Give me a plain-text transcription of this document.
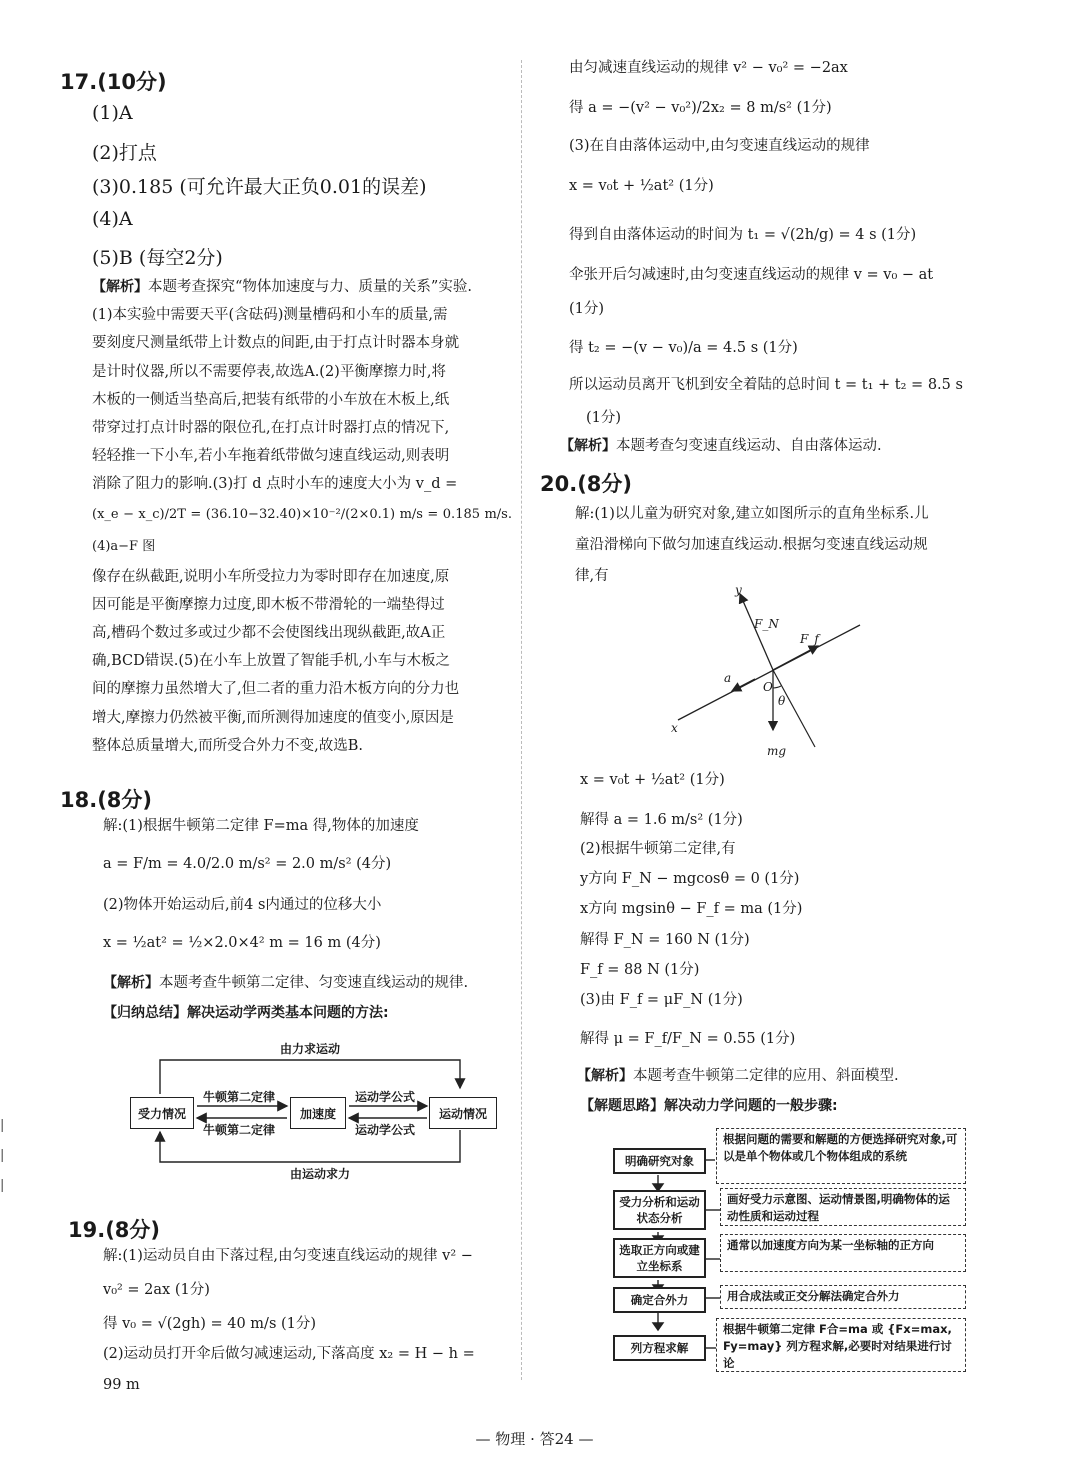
|
|
|
17.(10分)
(1)A
(2)打点
(3)0.185 (可允许最大正负0.01的误差)
(4)A
(5)B (每空2分)
【解析】本题考查探究“物体加速度与力、质量的关系”实验.
(1)本实验中需要天平(含砝码)测量槽码和小车的质量,需
要刻度尺测量纸带上计数点的间距,由于打点计时器本身就
是计时仪器,所以不需要停表,故选A.(2)平衡摩擦力时,将
木板的一侧适当垫高后,把装有纸带的小车放在木板上,纸
带穿过打点计时器的限位孔,在打点计时器打点的情况下,
轻轻推一下小车,若小车拖着纸带做匀速直线运动,则表明
消除了阻力的影响.(3)打 d 点时小车的速度大小为 v_d =
(x_e − x_c)/2T = (36.10−32.40)×10⁻²/(2×0.1) m/s = 0.185 m/s.(4)a−F 图
像存在纵截距,说明小车所受拉力为零时即存在加速度,原
因可能是平衡摩擦力过度,即木板不带滑轮的一端垫得过
高,槽码个数过多或过少都不会使图线出现纵截距,故A正
确,BCD错误.(5)在小车上放置了智能手机,小车与木板之
间的摩擦力虽然增大了,但二者的重力沿木板方向的分力也
增大,摩擦力仍然被平衡,而所测得加速度的值变小,原因是
整体总质量增大,而所受合外力不变,故选B.
18.(8分)
解:(1)根据牛顿第二定律 F=ma 得,物体的加速度
a = F/m = 4.0/2.0 m/s² = 2.0 m/s² (4分)
(2)物体开始运动后,前4 s内通过的位移大小
x = ½at² = ½×2.0×4² m = 16 m (4分)
【解析】本题考查牛顿第二定律、匀变速直线运动的规律.
【归纳总结】解决运动学两类基本问题的方法:
由力求运动
由运动求力
受力情况	加速度	运动情况
牛顿第二定律
牛顿第二定律
运动学公式
运动学公式
19.(8分)
解:(1)运动员自由下落过程,由匀变速直线运动的规律 v² −
v₀² = 2ax (1分)
得 v₀ = √(2gh) = 40 m/s (1分)
(2)运动员打开伞后做匀减速运动,下落高度 x₂ = H − h =
99 m
由匀减速直线运动的规律 v² − v₀² = −2ax
得 a = −(v² − v₀²)/2x₂ = 8 m/s² (1分)
(3)在自由落体运动中,由匀变速直线运动的规律
x = v₀t + ½at² (1分)
得到自由落体运动的时间为 t₁ = √(2h/g) = 4 s (1分)
伞张开后匀减速时,由匀变速直线运动的规律 v = v₀ − at
(1分)
得 t₂ = −(v − v₀)/a = 4.5 s (1分)
所以运动员离开飞机到安全着陆的总时间 t = t₁ + t₂ = 8.5 s
(1分)
【解析】本题考查匀变速直线运动、自由落体运动.
20.(8分)
解:(1)以儿童为研究对象,建立如图所示的直角坐标系.儿
童沿滑梯向下做匀加速直线运动.根据匀变速直线运动规
律,有
y
F_N
F_f
a
O
θ
x
mg
x = v₀t + ½at² (1分)
解得 a = 1.6 m/s² (1分)
(2)根据牛顿第二定律,有
y方向 F_N − mgcosθ = 0 (1分)
x方向 mgsinθ − F_f = ma (1分)
解得 F_N = 160 N (1分)
F_f = 88 N (1分)
(3)由 F_f = μF_N (1分)
解得 μ = F_f/F_N = 0.55 (1分)
【解析】本题考查牛顿第二定律的应用、斜面模型.
【解题思路】解决动力学问题的一般步骤:
明确研究对象
根据问题的需要和解题的方便选择研究对象,可以是单个物体或几个物体组成的系统
受力分析和运动状态分析
画好受力示意图、运动情景图,明确物体的运动性质和运动过程
选取正方向或建立坐标系
通常以加速度方向为某一坐标轴的正方向
确定合外力	用合成法或正交分解法确定合外力
列方程求解
根据牛顿第二定律 F合=ma 或 {Fx=max, Fy=may} 列方程求解,必要时对结果进行讨论
— 物理 · 答24 —
